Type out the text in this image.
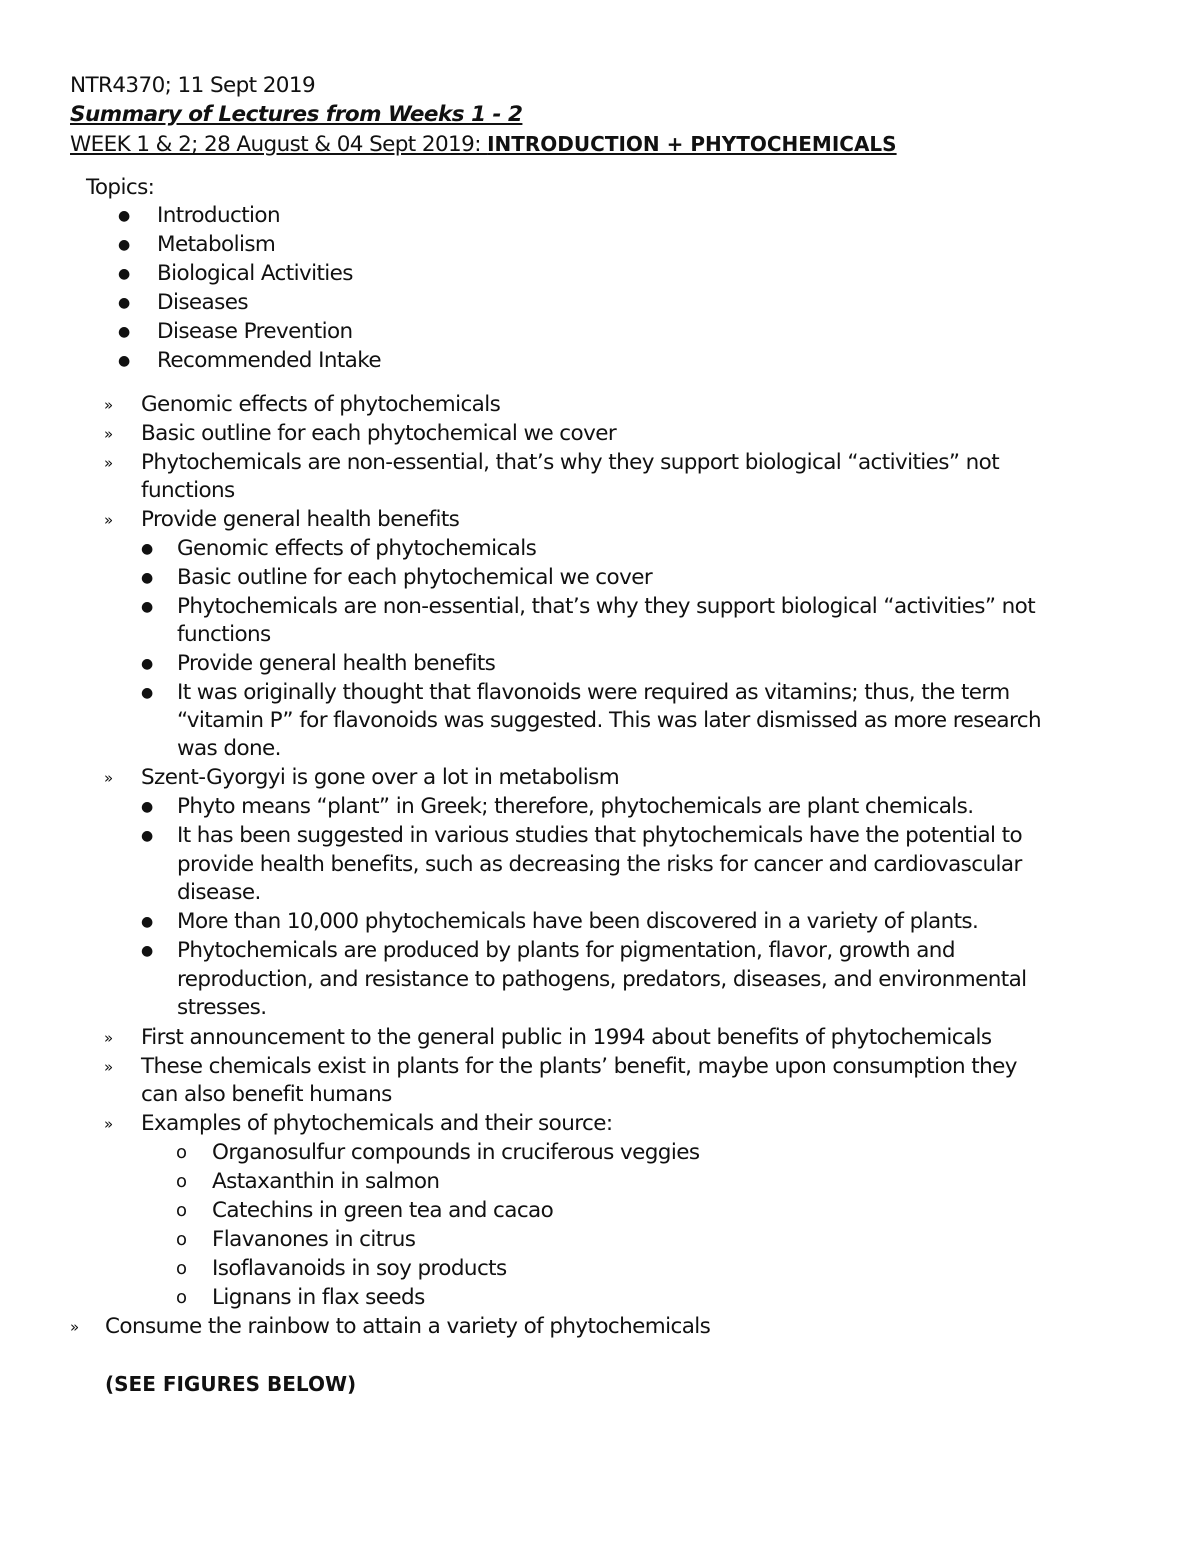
NTR4370; 11 Sept 2019
Summary of Lectures from Weeks 1 - 2
WEEK 1 & 2; 28 August & 04 Sept 2019: INTRODUCTION + PHYTOCHEMICALS
Topics:
● Introduction
● Metabolism
● Biological Activities
● Diseases
● Disease Prevention
● Recommended Intake
» Genomic effects of phytochemicals
» Basic outline for each phytochemical we cover
» Phytochemicals are non-essential, that’s why they support biological “activities” not
functions
» Provide general health benefits
● Genomic effects of phytochemicals
● Basic outline for each phytochemical we cover
● Phytochemicals are non-essential, that’s why they support biological “activities” not
functions
● Provide general health benefits
● It was originally thought that flavonoids were required as vitamins; thus, the term
“vitamin P” for flavonoids was suggested. This was later dismissed as more research
was done.
» Szent-Gyorgyi is gone over a lot in metabolism
● Phyto means “plant” in Greek; therefore, phytochemicals are plant chemicals.
● It has been suggested in various studies that phytochemicals have the potential to
provide health benefits, such as decreasing the risks for cancer and cardiovascular
disease.
● More than 10,000 phytochemicals have been discovered in a variety of plants.
● Phytochemicals are produced by plants for pigmentation, flavor, growth and
reproduction, and resistance to pathogens, predators, diseases, and environmental
stresses.
» First announcement to the general public in 1994 about benefits of phytochemicals
» These chemicals exist in plants for the plants’ benefit, maybe upon consumption they
can also benefit humans
» Examples of phytochemicals and their source:
o Organosulfur compounds in cruciferous veggies
o Astaxanthin in salmon
o Catechins in green tea and cacao
o Flavanones in citrus
o Isoflavanoids in soy products
o Lignans in flax seeds
» Consume the rainbow to attain a variety of phytochemicals
(SEE FIGURES BELOW)
